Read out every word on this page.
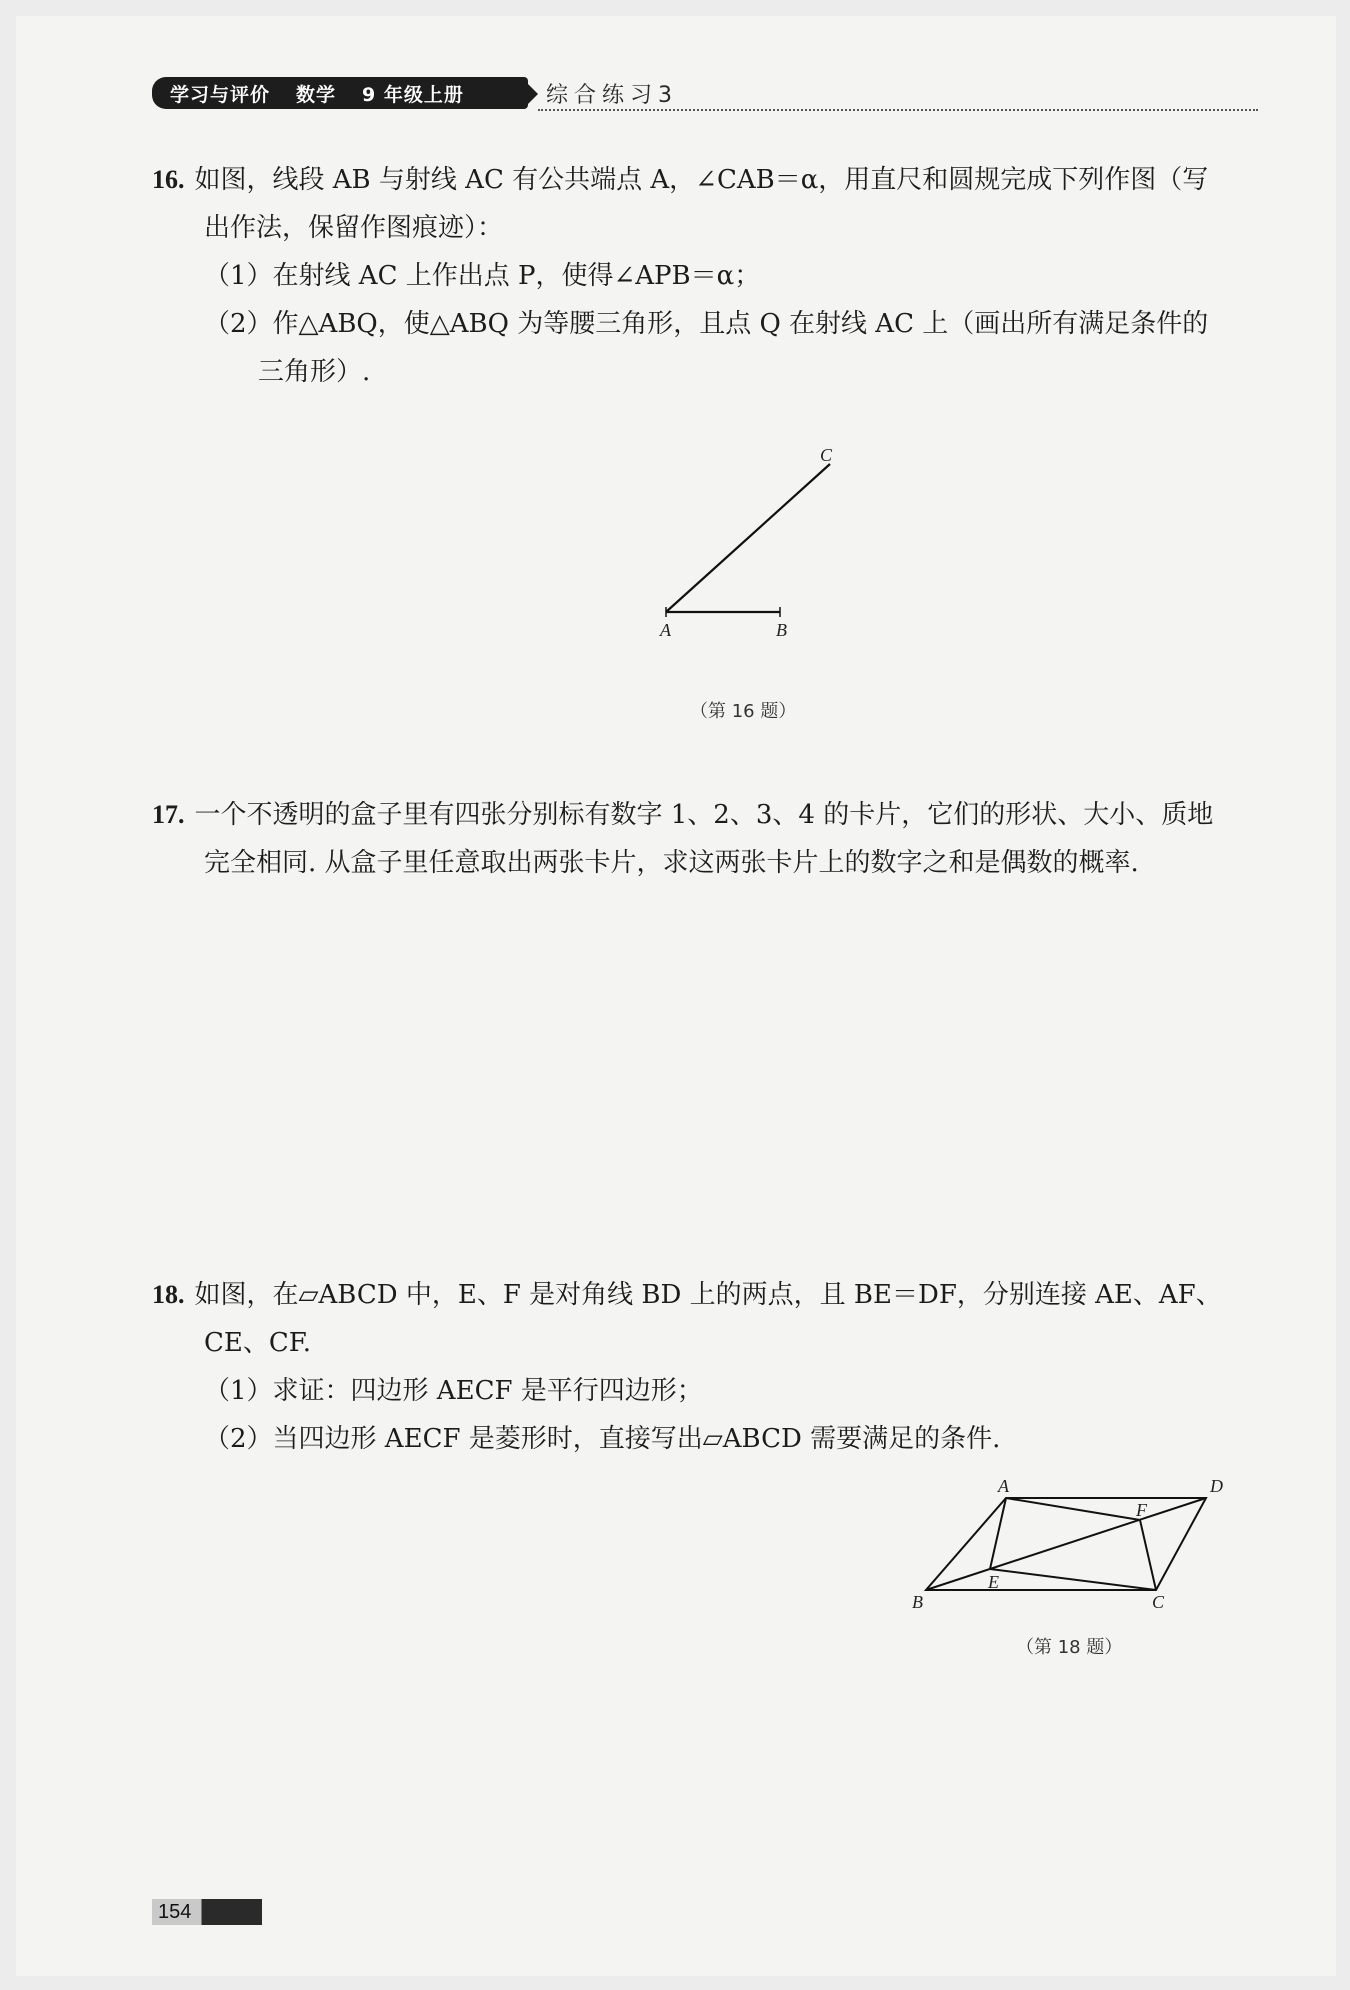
学习与评价 数学 9 年级上册	综合练习3
16. 如图，线段 AB 与射线 AC 有公共端点 A，∠CAB＝α，用直尺和圆规完成下列作图（写
出作法，保留作图痕迹）：
（1）在射线 AC 上作出点 P，使得∠APB＝α；
（2）作△ABQ，使△ABQ 为等腰三角形，且点 Q 在射线 AC 上（画出所有满足条件的
三角形）.
A	B
C
（第 16 题）
17. 一个不透明的盒子里有四张分别标有数字 1、2、3、4 的卡片，它们的形状、大小、质地
完全相同. 从盒子里任意取出两张卡片，求这两张卡片上的数字之和是偶数的概率.
18. 如图，在▱ABCD 中，E、F 是对角线 BD 上的两点，且 BE＝DF，分别连接 AE、AF、
CE、CF.
（1）求证：四边形 AECF 是平行四边形；
（2）当四边形 AECF 是菱形时，直接写出▱ABCD 需要满足的条件.
A	D
B	C
E
F
（第 18 题）
154
